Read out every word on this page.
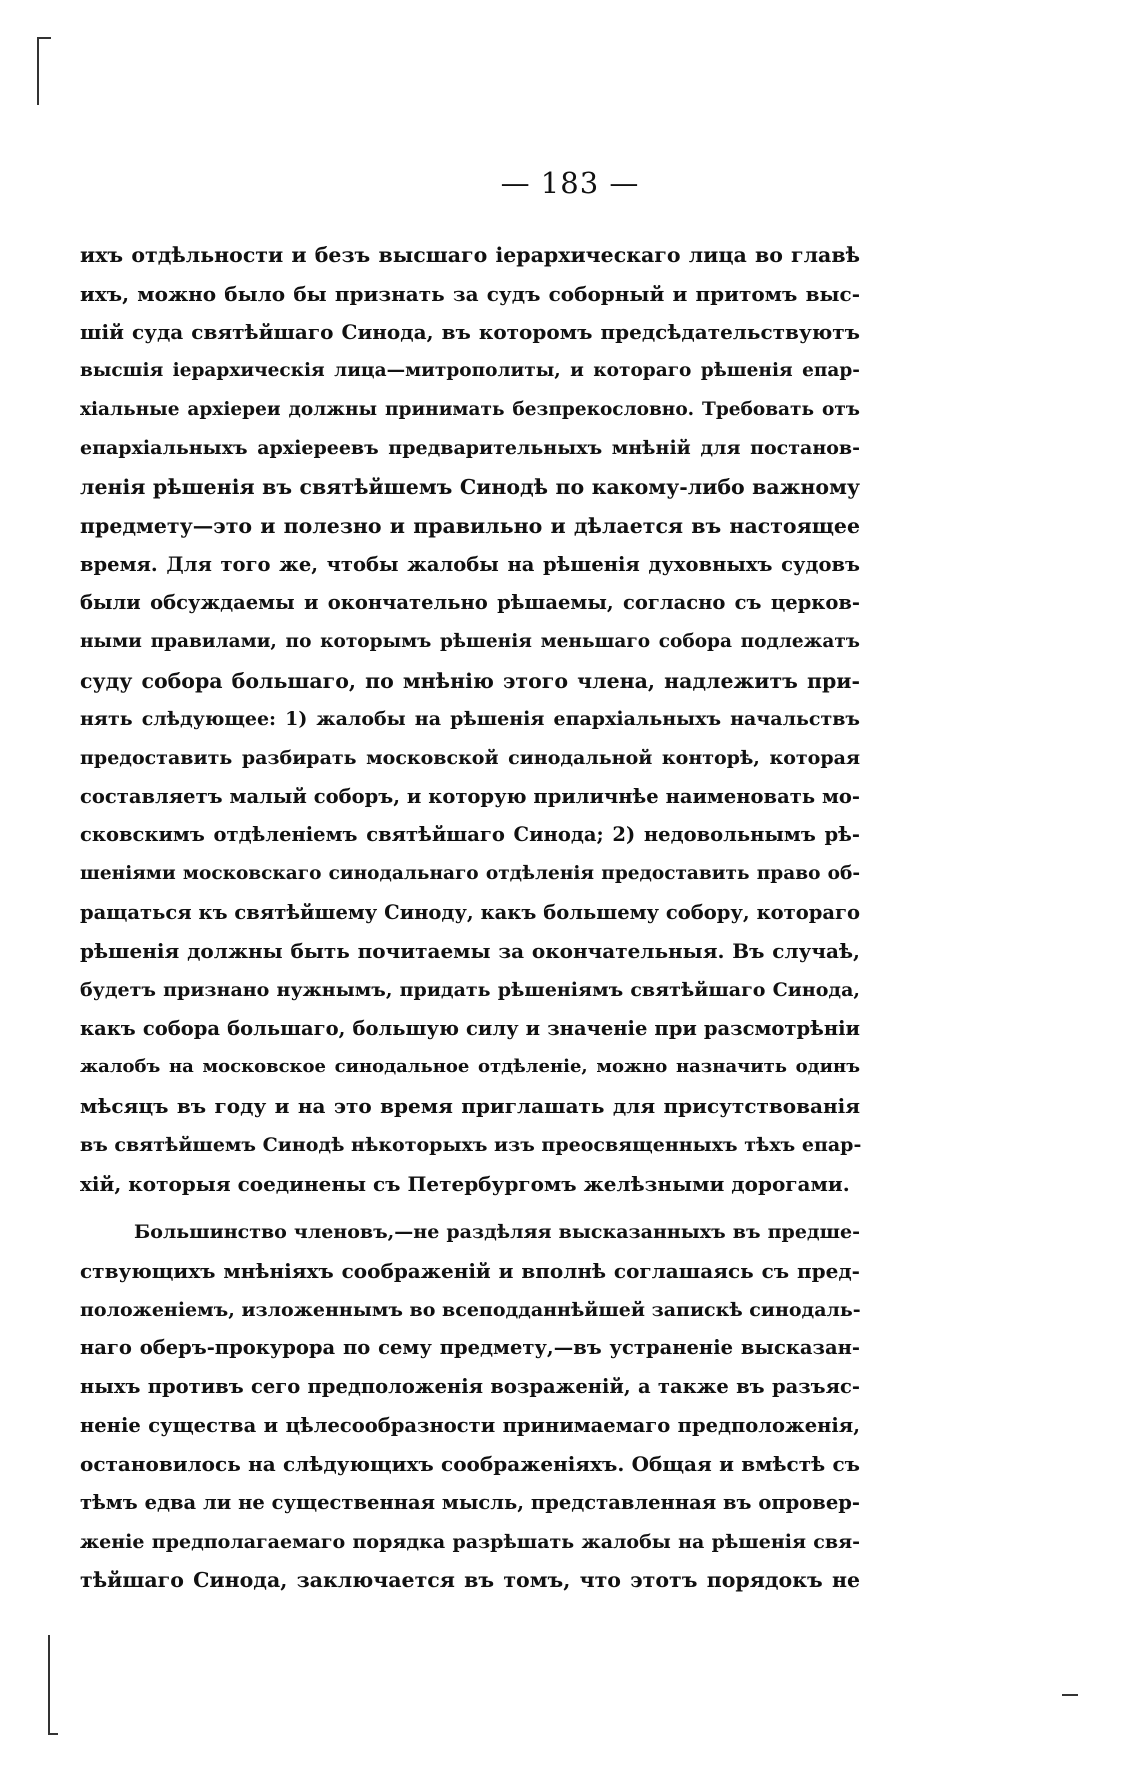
— 183 —
ихъ отдѣльности и безъ высшаго іерархическаго лица во главѣ
ихъ, можно было бы признать за судъ соборный и притомъ выс-
шій суда святѣйшаго Синода, въ которомъ предсѣдательствуютъ
высшія іерархическія лица—митрополиты, и котораго рѣшенія епар-
хіальные архіереи должны принимать безпрекословно. Требовать отъ
епархіальныхъ архіереевъ предварительныхъ мнѣній для постанов-
ленія рѣшенія въ святѣйшемъ Синодѣ по какому-либо важному
предмету—это и полезно и правильно и дѣлается въ настоящее
время. Для того же, чтобы жалобы на рѣшенія духовныхъ судовъ
были обсуждаемы и окончательно рѣшаемы, согласно съ церков-
ными правилами, по которымъ рѣшенія меньшаго собора подлежатъ
суду собора большаго, по мнѣнію этого члена, надлежитъ при-
нять слѣдующее: 1) жалобы на рѣшенія епархіальныхъ начальствъ
предоставить разбирать московской синодальной конторѣ, которая
составляетъ малый соборъ, и которую приличнѣе наименовать мо-
сковскимъ отдѣленіемъ святѣйшаго Синода; 2) недовольнымъ рѣ-
шеніями московскаго синодальнаго отдѣленія предоставить право об-
ращаться къ святѣйшему Синоду, какъ большему собору, котораго
рѣшенія должны быть почитаемы за окончательныя. Въ случаѣ,
будетъ признано нужнымъ, придать рѣшеніямъ святѣйшаго Синода,
какъ собора большаго, большую силу и значеніе при разсмотрѣніи
жалобъ на московское синодальное отдѣленіе, можно назначить одинъ
мѣсяцъ въ году и на это время приглашать для присутствованія
въ святѣйшемъ Синодѣ нѣкоторыхъ изъ преосвященныхъ тѣхъ епар-
хій, которыя соединены съ Петербургомъ желѣзными дорогами.
Большинство членовъ,—не раздѣляя высказанныхъ въ предше-
ствующихъ мнѣніяхъ соображеній и вполнѣ соглашаясь съ пред-
положеніемъ, изложеннымъ во всеподданнѣйшей запискѣ синодаль-
наго оберъ-прокурора по сему предмету,—въ устраненіе высказан-
ныхъ противъ сего предположенія возраженій, а также въ разъяс-
неніе существа и цѣлесообразности принимаемаго предположенія,
остановилось на слѣдующихъ соображеніяхъ. Общая и вмѣстѣ съ
тѣмъ едва ли не существенная мысль, представленная въ опровер-
женіе предполагаемаго порядка разрѣшать жалобы на рѣшенія свя-
тѣйшаго Синода, заключается въ томъ, что этотъ порядокъ не
